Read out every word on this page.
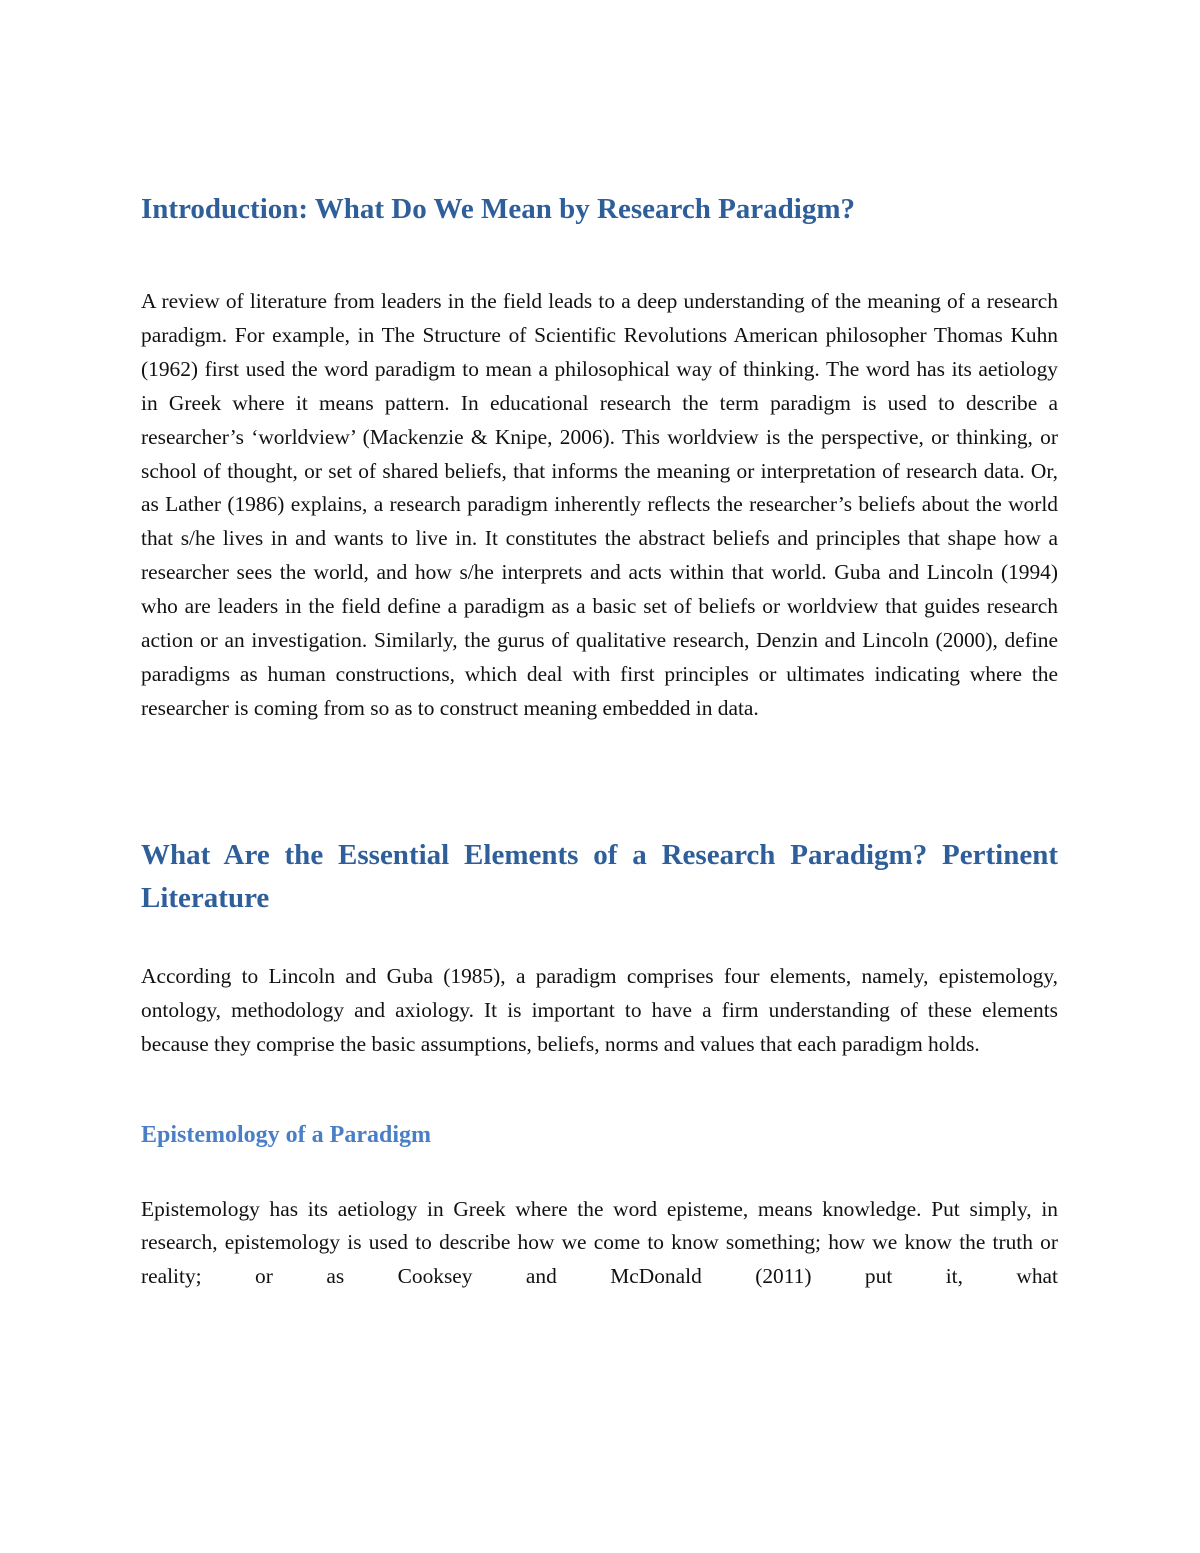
Introduction: What Do We Mean by Research Paradigm?

A review of literature from leaders in the field leads to a deep understanding of the meaning of a research paradigm. For example, in The Structure of Scientific Revolutions American philosopher Thomas Kuhn (1962) first used the word paradigm to mean a philosophical way of thinking. The word has its aetiology in Greek where it means pattern. In educational research the term paradigm is used to describe a researcher’s ‘worldview’ (Mackenzie & Knipe, 2006). This worldview is the perspective, or thinking, or school of thought, or set of shared beliefs, that informs the meaning or interpretation of research data. Or, as Lather (1986) explains, a research paradigm inherently reflects the researcher’s beliefs about the world that s/he lives in and wants to live in. It constitutes the abstract beliefs and principles that shape how a researcher sees the world, and how s/he interprets and acts within that world. Guba and Lincoln (1994) who are leaders in the field define a paradigm as a basic set of beliefs or worldview that guides research action or an investigation. Similarly, the gurus of qualitative research, Denzin and Lincoln (2000), define paradigms as human constructions, which deal with first principles or ultimates indicating where the researcher is coming from so as to construct meaning embedded in data.

What Are the Essential Elements of a Research Paradigm? Pertinent Literature

According to Lincoln and Guba (1985), a paradigm comprises four elements, namely, epistemology, ontology, methodology and axiology. It is important to have a firm understanding of these elements because they comprise the basic assumptions, beliefs, norms and values that each paradigm holds.

Epistemology of a Paradigm

Epistemology has its aetiology in Greek where the word episteme, means knowledge. Put simply, in research, epistemology is used to describe how we come to know something; how we know the truth or reality; or as Cooksey and McDonald (2011) put it, what
